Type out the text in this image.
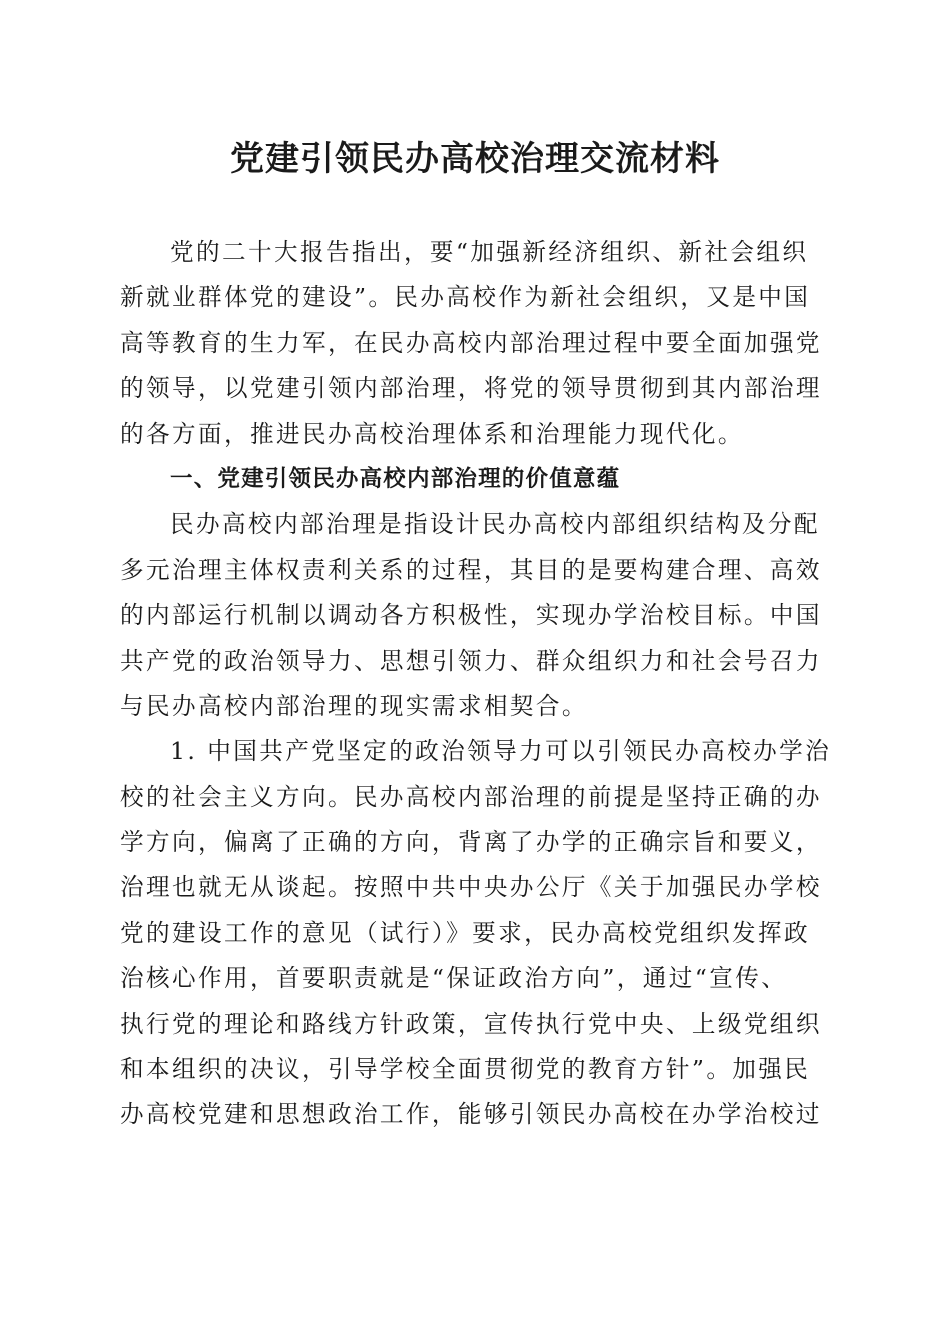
党建引领民办高校治理交流材料
党的二十大报告指出，要“加强新经济组织、新社会组织
新就业群体党的建设”。民办高校作为新社会组织，又是中国
高等教育的生力军，在民办高校内部治理过程中要全面加强党
的领导，以党建引领内部治理，将党的领导贯彻到其内部治理
的各方面，推进民办高校治理体系和治理能力现代化。
一、党建引领民办高校内部治理的价值意蕴
民办高校内部治理是指设计民办高校内部组织结构及分配
多元治理主体权责利关系的过程，其目的是要构建合理、高效
的内部运行机制以调动各方积极性，实现办学治校目标。中国
共产党的政治领导力、思想引领力、群众组织力和社会号召力
与民办高校内部治理的现实需求相契合。
1. 中国共产党坚定的政治领导力可以引领民办高校办学治
校的社会主义方向。民办高校内部治理的前提是坚持正确的办
学方向，偏离了正确的方向，背离了办学的正确宗旨和要义，
治理也就无从谈起。按照中共中央办公厅《关于加强民办学校
党的建设工作的意见（试行）》要求，民办高校党组织发挥政
治核心作用，首要职责就是“保证政治方向”，通过“宣传、
执行党的理论和路线方针政策，宣传执行党中央、上级党组织
和本组织的决议，引导学校全面贯彻党的教育方针”。加强民
办高校党建和思想政治工作，能够引领民办高校在办学治校过
